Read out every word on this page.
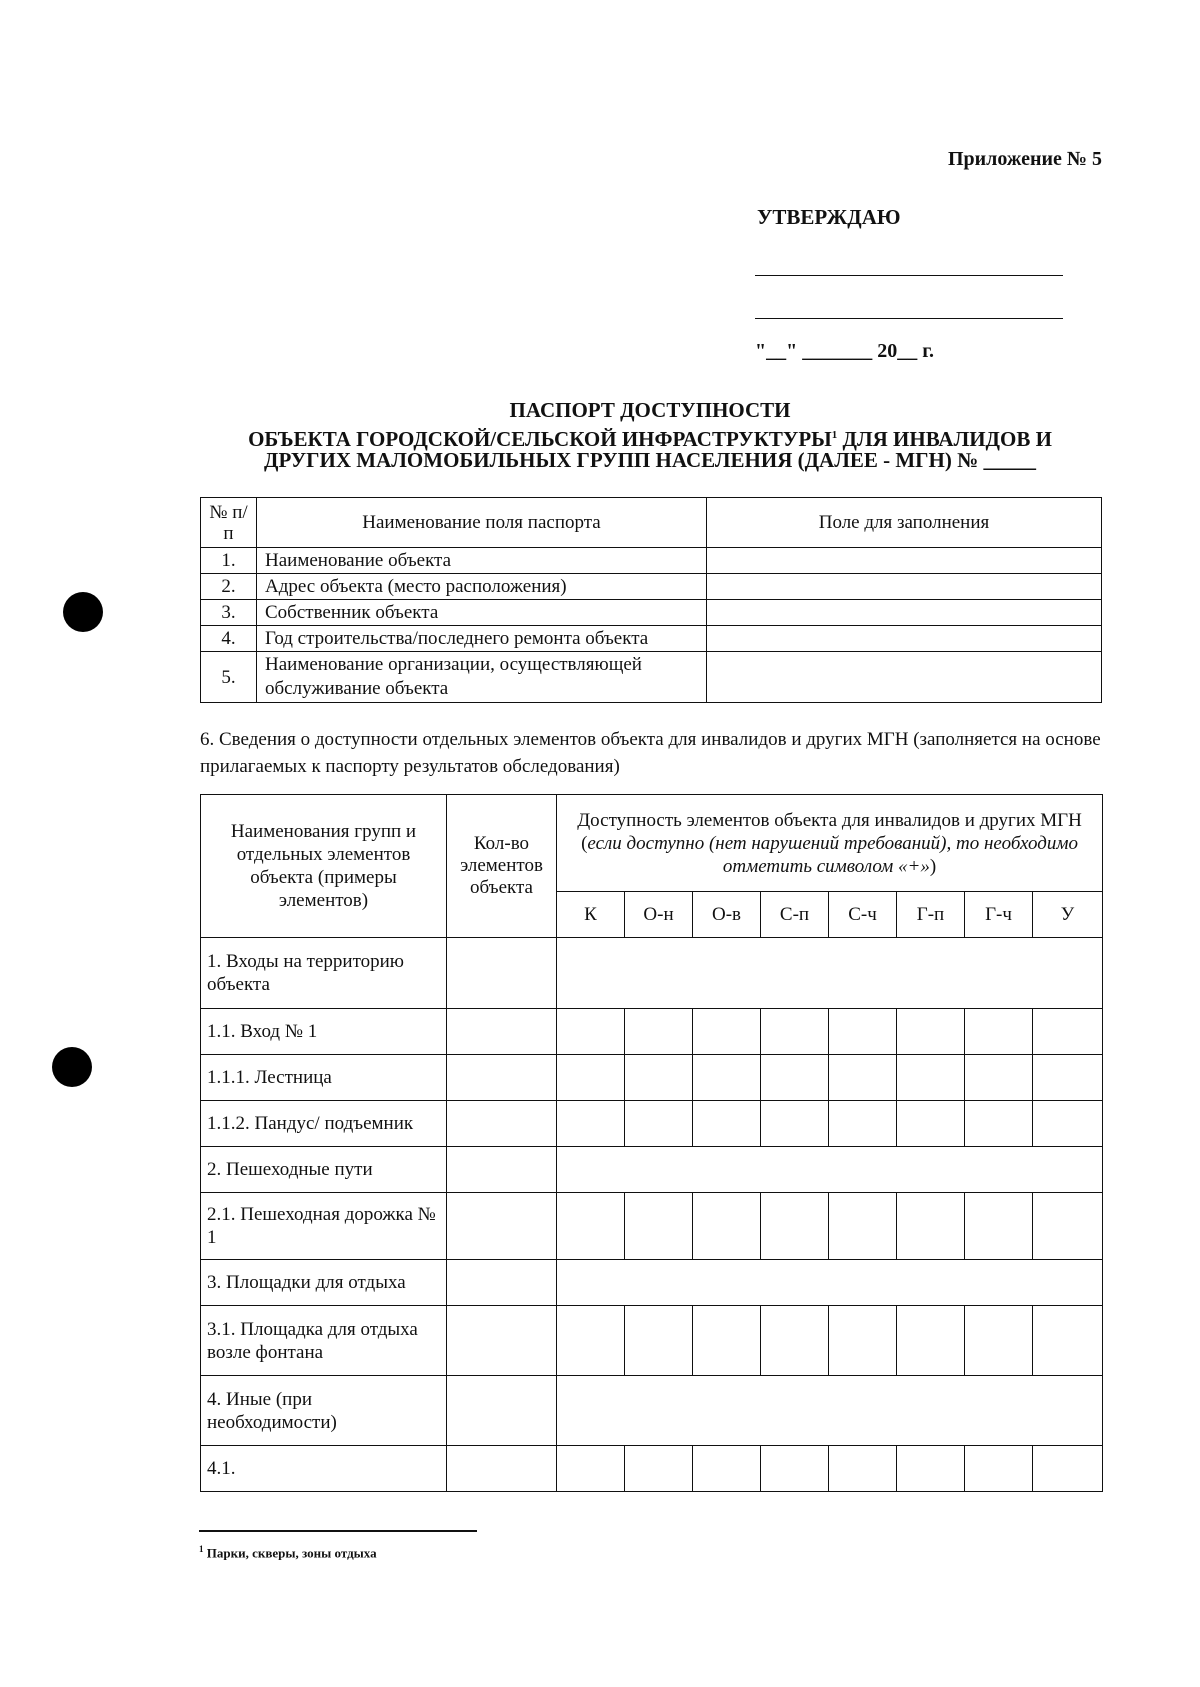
Приложение № 5
УТВЕРЖДАЮ
"__" _______ 20__ г.
ПАСПОРТ ДОСТУПНОСТИ
ОБЪЕКТА ГОРОДСКОЙ/СЕЛЬСКОЙ ИНФРАСТРУКТУРЫ$^1$ ДЛЯ ИНВАЛИДОВ И
ДРУГИХ МАЛОМОБИЛЬНЫХ ГРУПП НАСЕЛЕНИЯ (ДАЛЕЕ - МГН) № _____
№ п/п	Наименование поля паспорта	Поле для заполнения
1.	Наименование объекта	
2.	Адрес объекта (место расположения)	
3.	Собственник объекта	
4.	Год строительства/последнего ремонта объекта	
5.	Наименование организации, осуществляющей обслуживание объекта	
6. Сведения о доступности отдельных элементов объекта для инвалидов и других МГН (заполняется на основе прилагаемых к паспорту результатов обследования)
Наименования групп и отдельных элементов объекта (примеры элементов)	Кол-во элементов объекта	Доступность элементов объекта для инвалидов и других МГН (если доступно (нет нарушений требований), то необходимо отметить символом «+»)							
		К	О-н	О-в	С-п	С-ч	Г-п	Г-ч	У
1. Входы на территорию объекта									
1.1. Вход № 1									
1.1.1. Лестница									
1.1.2. Пандус/ подъемник									
2. Пешеходные пути									
2.1. Пешеходная дорожка № 1									
3. Площадки для отдыха									
3.1. Площадка для отдыха возле фонтана									
4. Иные (при необходимости)									
4.1.									
$^1$ Парки, скверы, зоны отдыха
